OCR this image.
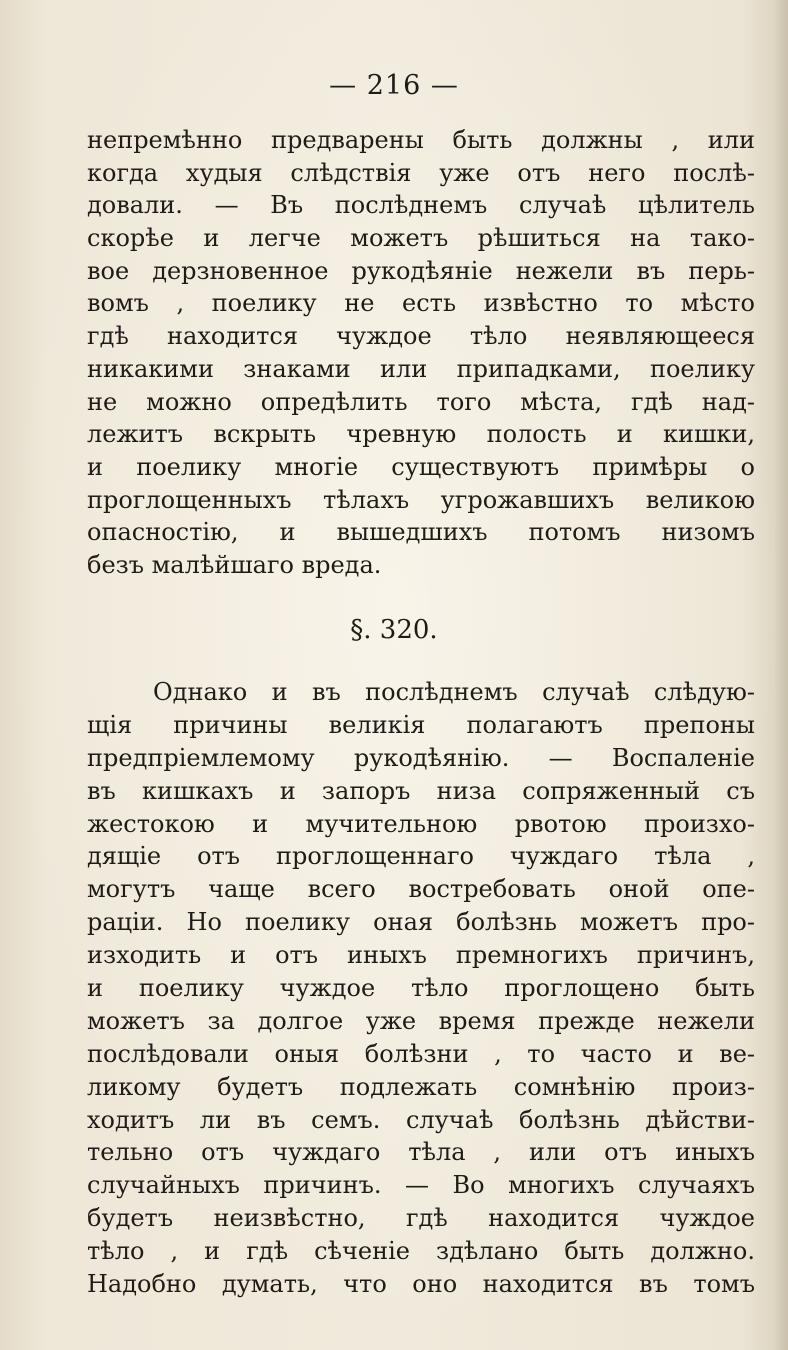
— 216 —
непремѣнно предварены быть должны , или
когда худыя слѣдствія уже отъ него послѣ-
довали. — Въ послѣднемъ случаѣ цѣлитель
скорѣе и легче можетъ рѣшиться на тако-
вое дерзновенное рукодѣяніе нежели въ перь-
вомъ , поелику не есть извѣстно то мѣсто
гдѣ находится чуждое тѣло неявляющееся
никакими знаками или припадками, поелику
не можно опредѣлить того мѣста, гдѣ над-
лежитъ вскрыть чревную полость и кишки,
и поелику многіе существуютъ примѣры о
проглощенныхъ тѣлахъ угрожавшихъ великою
опасностію, и вышедшихъ потомъ низомъ
безъ малѣйшаго вреда.
§. 320.
Однако и въ послѣднемъ случаѣ слѣдую-
щія причины великія полагаютъ препоны
предпріемлемому рукодѣянію. — Воспаленіе
въ кишкахъ и запоръ низа сопряженный съ
жестокою и мучительною рвотою произхо-
дящіе отъ проглощеннаго чуждаго тѣла ,
могутъ чаще всего востребовать оной опе-
раціи. Но поелику оная болѣзнь можетъ про-
изходить и отъ иныхъ премногихъ причинъ,
и поелику чуждое тѣло проглощено быть
можетъ за долгое уже время прежде нежели
послѣдовали оныя болѣзни , то часто и ве-
ликому будетъ подлежать сомнѣнію произ-
ходитъ ли въ семъ. случаѣ болѣзнь дѣйстви-
тельно отъ чуждаго тѣла , или отъ иныхъ
случайныхъ причинъ. — Во многихъ случаяхъ
будетъ неизвѣстно, гдѣ находится чуждое
тѣло , и гдѣ сѣченіе здѣлано быть должно.
Надобно думать, что оно находится въ томъ
